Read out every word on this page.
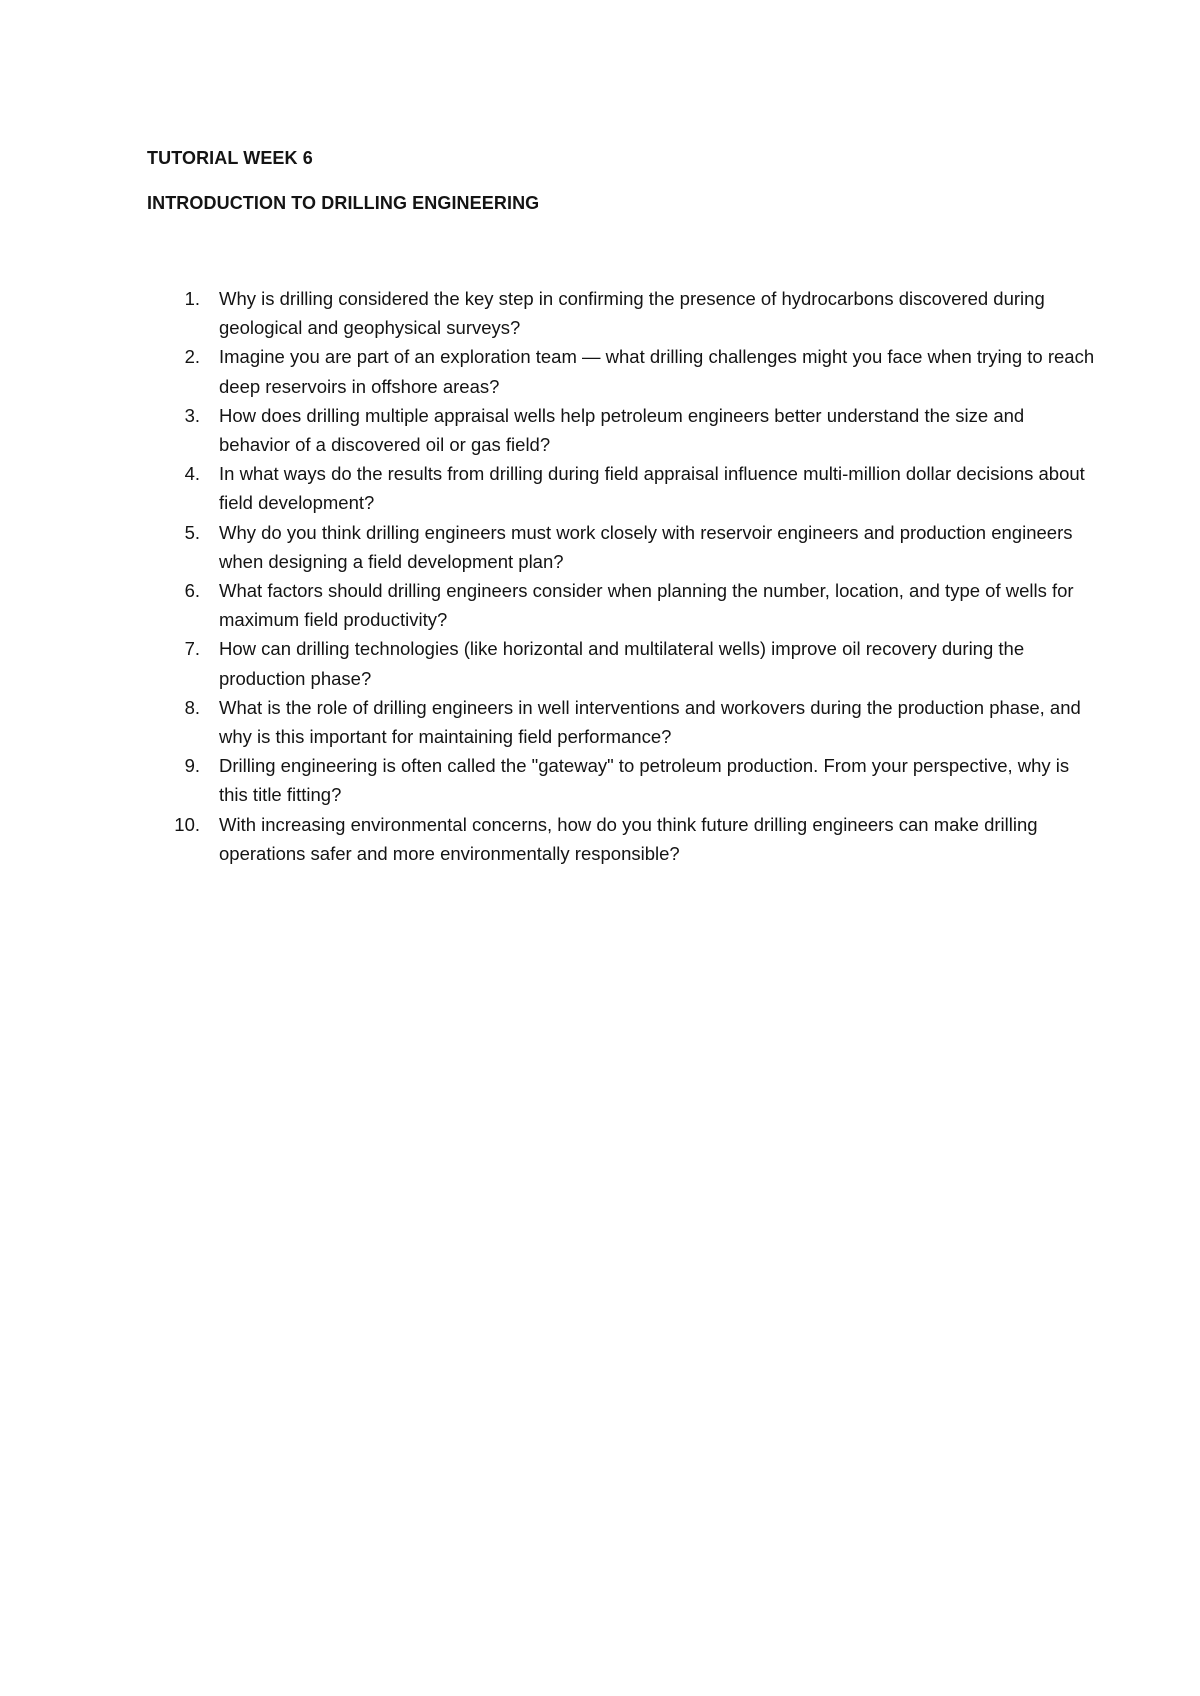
TUTORIAL WEEK 6
INTRODUCTION TO DRILLING ENGINEERING
1. Why is drilling considered the key step in confirming the presence of hydrocarbons discovered during geological and geophysical surveys?
2. Imagine you are part of an exploration team — what drilling challenges might you face when trying to reach deep reservoirs in offshore areas?
3. How does drilling multiple appraisal wells help petroleum engineers better understand the size and behavior of a discovered oil or gas field?
4. In what ways do the results from drilling during field appraisal influence multi-million dollar decisions about field development?
5. Why do you think drilling engineers must work closely with reservoir engineers and production engineers when designing a field development plan?
6. What factors should drilling engineers consider when planning the number, location, and type of wells for maximum field productivity?
7. How can drilling technologies (like horizontal and multilateral wells) improve oil recovery during the production phase?
8. What is the role of drilling engineers in well interventions and workovers during the production phase, and why is this important for maintaining field performance?
9. Drilling engineering is often called the "gateway" to petroleum production. From your perspective, why is this title fitting?
10. With increasing environmental concerns, how do you think future drilling engineers can make drilling operations safer and more environmentally responsible?
